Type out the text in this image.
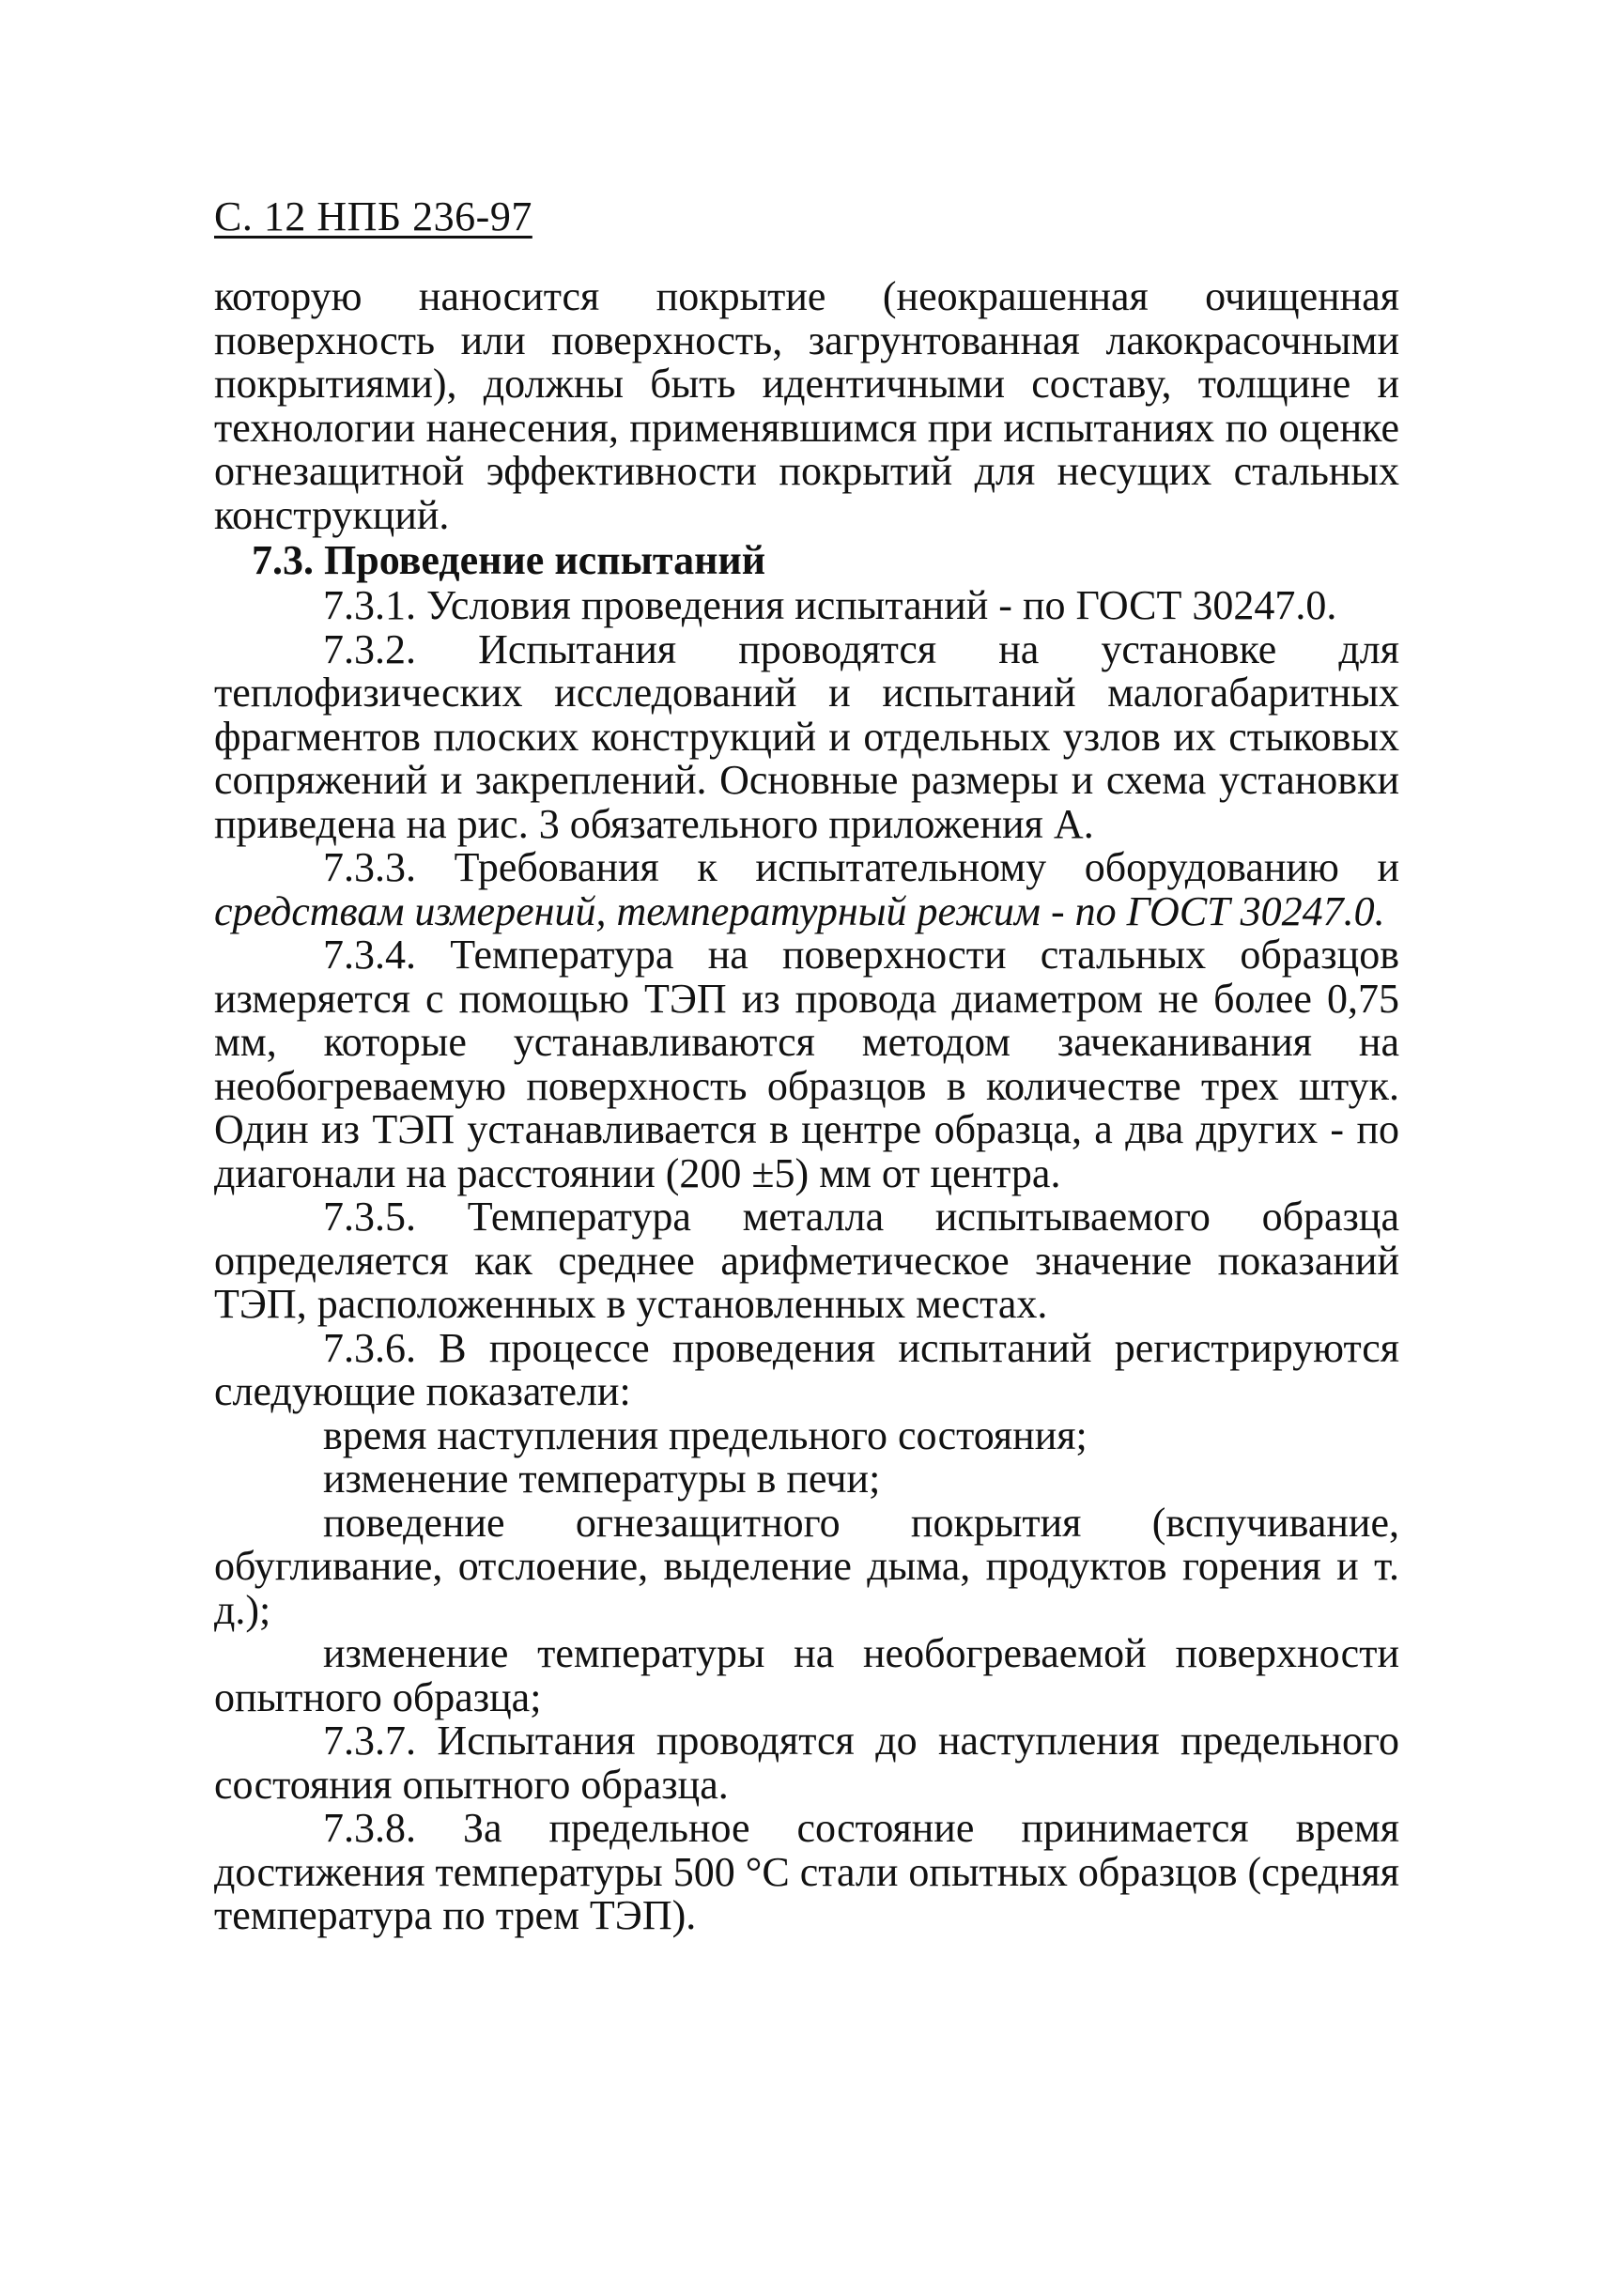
С. 12 НПБ 236-97

которую наносится покрытие (неокрашенная очищенная поверхность или поверхность, загрунтованная лакокрасочными покрытиями), должны быть идентичными составу, толщине и технологии нанесения, применявшимся при испытаниях по оценке огнезащитной эффективности покрытий для несущих стальных конструкций.

7.3. Проведение испытаний

7.3.1. Условия проведения испытаний - по ГОСТ 30247.0.

7.3.2. Испытания проводятся на установке для теплофизических исследований и испытаний малогабаритных фрагментов плоских конструкций и отдельных узлов их стыковых сопряжений и закреплений. Основные размеры и схема установки приведена на рис. 3 обязательного приложения А.

7.3.3. Требования к испытательному оборудованию и средствам измерений, температурный режим - по ГОСТ 30247.0.

7.3.4. Температура на поверхности стальных образцов измеряется с помощью ТЭП из провода диаметром не более 0,75 мм, которые устанавливаются методом зачеканивания на необогреваемую поверхность образцов в количестве трех штук. Один из ТЭП устанавливается в центре образца, а два других - по диагонали на расстоянии (200 ±5) мм от центра.

7.3.5. Температура металла испытываемого образца определяется как среднее арифметическое значение показаний ТЭП, расположенных в установленных местах.

7.3.6. В процессе проведения испытаний регистрируются следующие показатели:

время наступления предельного состояния;

изменение температуры в печи;

поведение огнезащитного покрытия (вспучивание, обугливание, отслоение, выделение дыма, продуктов горения и т. д.);

изменение температуры на необогреваемой поверхности опытного образца;

7.3.7. Испытания проводятся до наступления предельного состояния опытного образца.

7.3.8. За предельное состояние принимается время достижения температуры 500 °С стали опытных образцов (средняя температура по трем ТЭП).
